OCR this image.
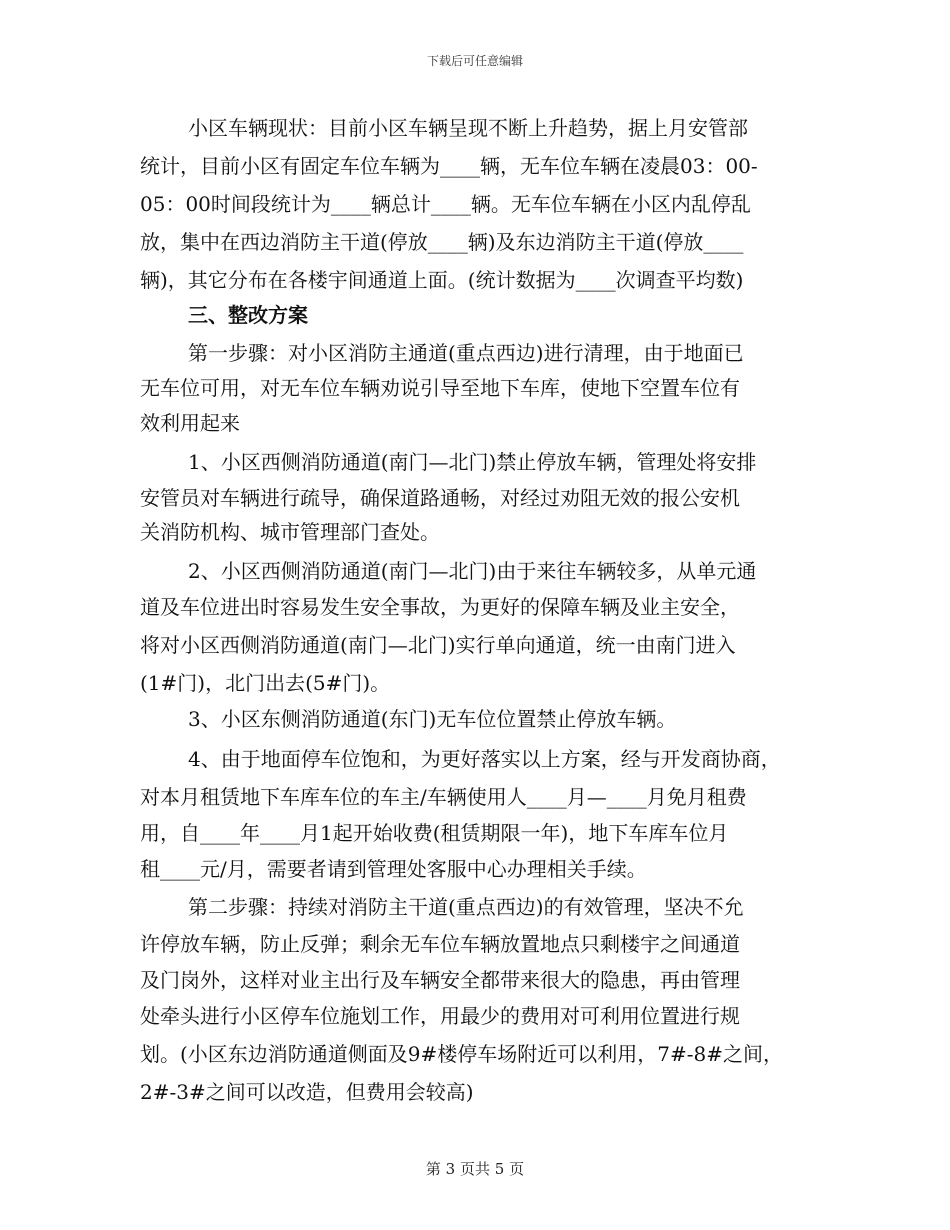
下载后可任意编辑
小区车辆现状：目前小区车辆呈现不断上升趋势，据上月安管部
统计，目前小区有固定车位车辆为____辆，无车位车辆在凌晨03：00-
05：00时间段统计为____辆总计____辆。无车位车辆在小区内乱停乱
放，集中在西边消防主干道(停放____辆)及东边消防主干道(停放____
辆)，其它分布在各楼宇间通道上面。(统计数据为____次调查平均数)
三、整改方案
第一步骤：对小区消防主通道(重点西边)进行清理，由于地面已
无车位可用，对无车位车辆劝说引导至地下车库，使地下空置车位有
效利用起来
1、小区西侧消防通道(南门—北门)禁止停放车辆，管理处将安排
安管员对车辆进行疏导，确保道路通畅，对经过劝阻无效的报公安机
关消防机构、城市管理部门查处。
2、小区西侧消防通道(南门—北门)由于来往车辆较多，从单元通
道及车位进出时容易发生安全事故，为更好的保障车辆及业主安全，
将对小区西侧消防通道(南门—北门)实行单向通道，统一由南门进入
(1#门)，北门出去(5#门)。
3、小区东侧消防通道(东门)无车位位置禁止停放车辆。
4、由于地面停车位饱和，为更好落实以上方案，经与开发商协商，
对本月租赁地下车库车位的车主/车辆使用人____月—____月免月租费
用，自____年____月1起开始收费(租赁期限一年)，地下车库车位月
租____元/月，需要者请到管理处客服中心办理相关手续。
第二步骤：持续对消防主干道(重点西边)的有效管理，坚决不允
许停放车辆，防止反弹；剩余无车位车辆放置地点只剩楼宇之间通道
及门岗外，这样对业主出行及车辆安全都带来很大的隐患，再由管理
处牵头进行小区停车位施划工作，用最少的费用对可利用位置进行规
划。(小区东边消防通道侧面及9#楼停车场附近可以利用，7#-8#之间，
2#-3#之间可以改造，但费用会较高)
第 3 页共 5 页
